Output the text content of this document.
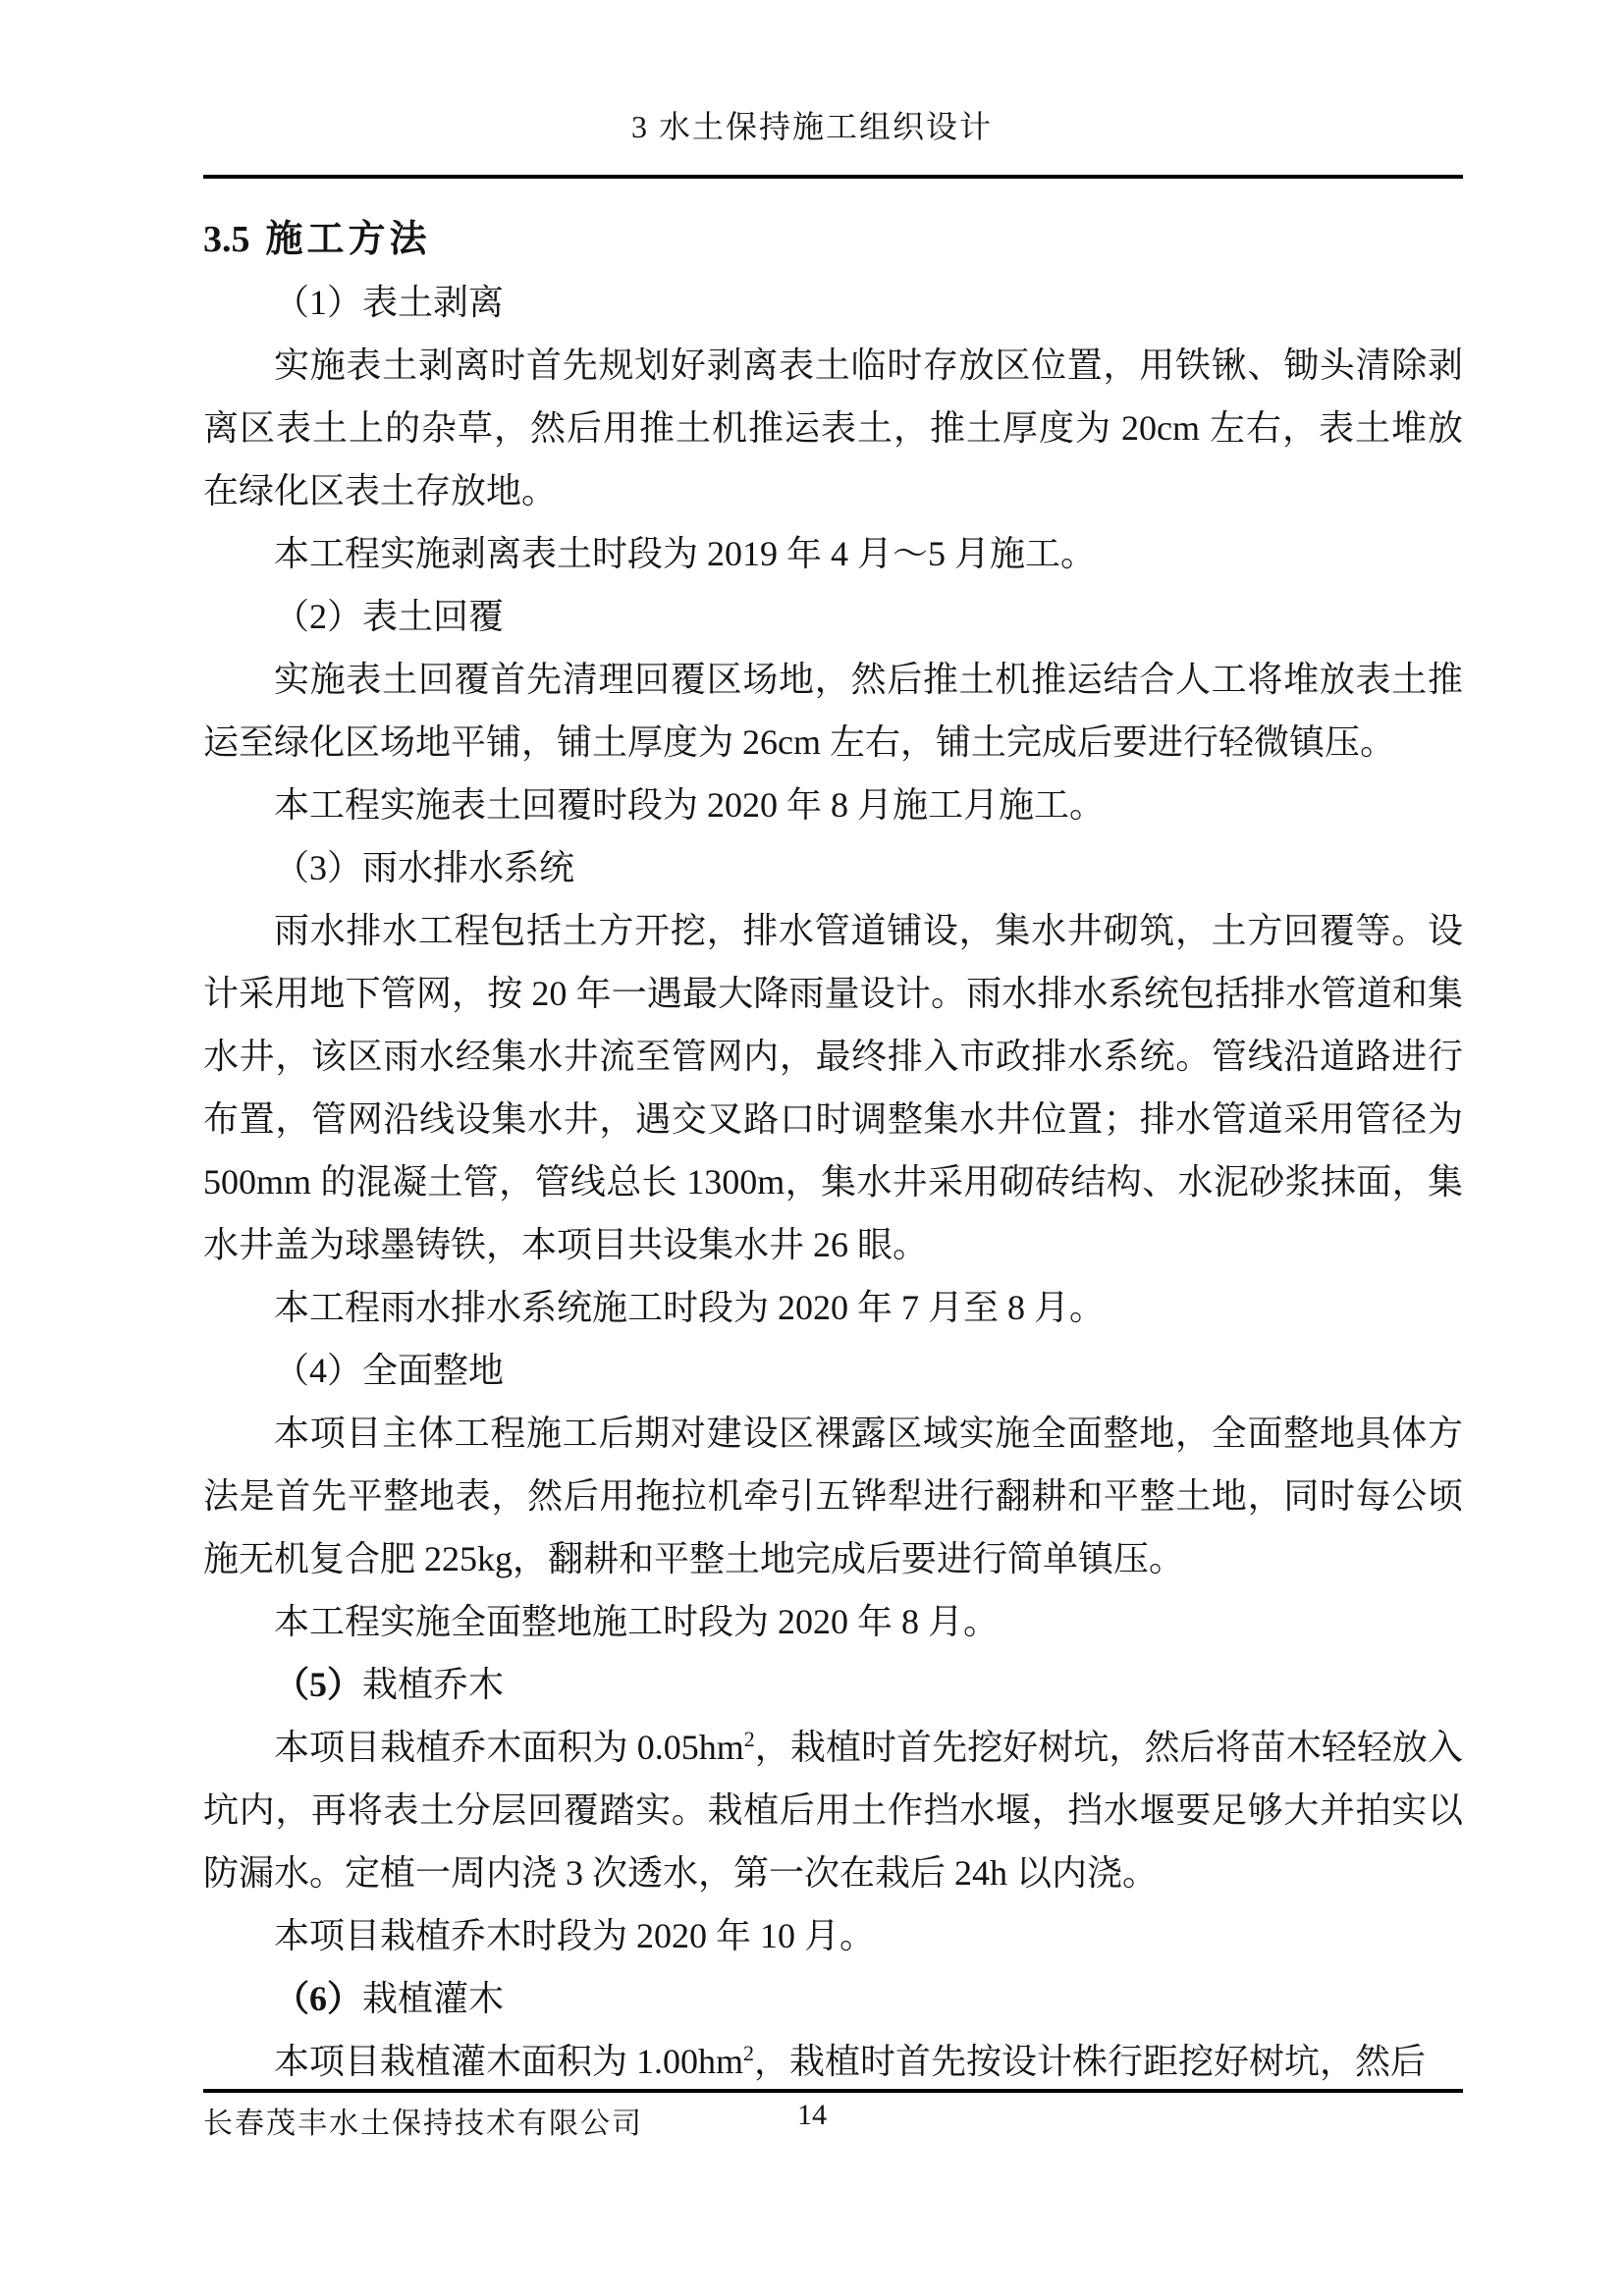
3 水土保持施工组织设计

3.5 施工方法

（1）表土剥离

实施表土剥离时首先规划好剥离表土临时存放区位置，用铁锹、锄头清除剥离区表土上的杂草，然后用推土机推运表土，推土厚度为 20cm 左右，表土堆放在绿化区表土存放地。

本工程实施剥离表土时段为 2019 年 4 月～5 月施工。

（2）表土回覆

实施表土回覆首先清理回覆区场地，然后推土机推运结合人工将堆放表土推运至绿化区场地平铺，铺土厚度为 26cm 左右，铺土完成后要进行轻微镇压。

本工程实施表土回覆时段为 2020 年 8 月施工月施工。

（3）雨水排水系统

雨水排水工程包括土方开挖，排水管道铺设，集水井砌筑，土方回覆等。设计采用地下管网，按 20 年一遇最大降雨量设计。雨水排水系统包括排水管道和集水井，该区雨水经集水井流至管网内，最终排入市政排水系统。管线沿道路进行布置，管网沿线设集水井，遇交叉路口时调整集水井位置；排水管道采用管径为 500mm 的混凝土管，管线总长 1300m，集水井采用砌砖结构、水泥砂浆抹面，集水井盖为球墨铸铁，本项目共设集水井 26 眼。

本工程雨水排水系统施工时段为 2020 年 7 月至 8 月。

（4）全面整地

本项目主体工程施工后期对建设区裸露区域实施全面整地，全面整地具体方法是首先平整地表，然后用拖拉机牵引五铧犁进行翻耕和平整土地，同时每公顷施无机复合肥 225kg，翻耕和平整土地完成后要进行简单镇压。

本工程实施全面整地施工时段为 2020 年 8 月。

（5）栽植乔木

本项目栽植乔木面积为 $0.05hm^2$，栽植时首先挖好树坑，然后将苗木轻轻放入坑内，再将表土分层回覆踏实。栽植后用土作挡水堰，挡水堰要足够大并拍实以防漏水。定植一周内浇 3 次透水，第一次在栽后 24h 以内浇。

本项目栽植乔木时段为 2020 年 10 月。

（6）栽植灌木

本项目栽植灌木面积为 $1.00hm^2$，栽植时首先按设计株行距挖好树坑，然后

长春茂丰水土保持技术有限公司	14
